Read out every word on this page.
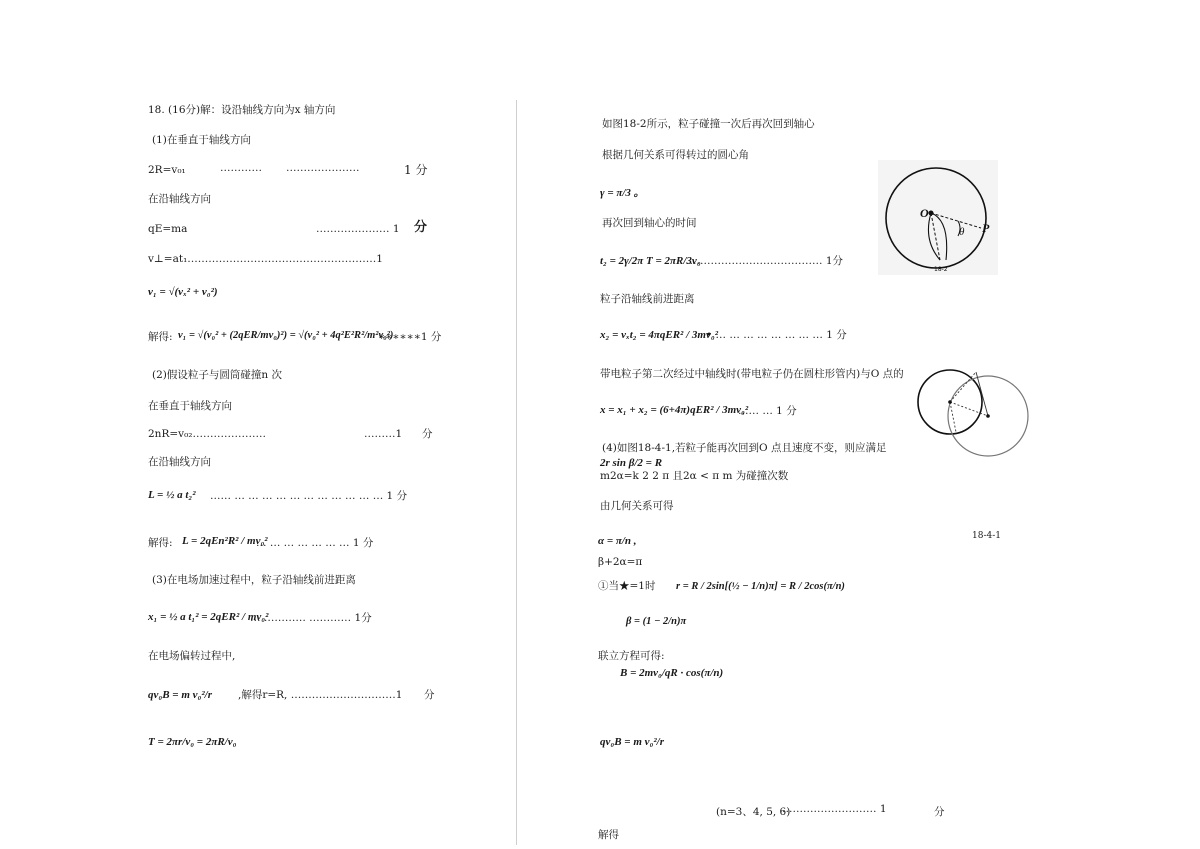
18. (16分)解：设沿轴线方向为x 轴方向
(1)在垂直于轴线方向
2R=v₀₁	………… …………………	1 分
在沿轴线方向
qE=ma	………………… 1 分
v⊥=at₁………………………………………………1
v₁ = √(vₓ² + v₀²)
解得: v₁ = √(v₀² + (2qER/mv₀)²) = √(v₀² + 4q²E²R²/m²v₀²)
∗∗∗∗∗∗1 分
(2)假设粒子与圆筒碰撞n 次
在垂直于轴线方向
2nR=v₀₂…………………	………1 分
在沿轴线方向
L = ½ a t₂² …… … … … … … … … … … … … 1 分
解得: L = 2qEn²R² / mv₀²
… … … … … … … 1 分
(3)在电场加速过程中，粒子沿轴线前进距离
x₁ = ½ a t₁² = 2qER² / mv₀²
… ………… ………… 1分
在电场偏转过程中,
qv₀B = m v₀²/r ,解得r=R, …………………………1 分
T = 2πr/v₀ = 2πR/v₀
如图18-2所示，粒子碰撞一次后再次回到轴心
根据几何关系可得转过的圆心角
γ = π/3 。
再次回到轴心的时间
t₂ = 2γ/2π T = 2πR/3v₀
………………………………… 1分
粒子沿轴线前进距离
x₂ = vₓt₂ = 4πqER² / 3mv₀²
• … … … … … … … … 1 分
带电粒子第二次经过中轴线时(带电粒子仍在圆柱形管内)与O 点的
x = x₁ + x₂ = (6+4π)qER² / 3mv₀²
…… … 1 分
(4)如图18-4-1,若粒子能再次回到O 点且速度不变，则应满足
2r sin β/2 = R
m2α=k 2 2 π 且2α < π m 为碰撞次数
由几何关系可得
18-4-1
α = π/n ,
β+2α=π
①当★=1时 r = R / 2sin[(½ − 1/n)π] = R / 2cos(π/n)
β = (1 − 2/n)π
联立方程可得:
B = 2mv₀/qR · cos(π/n)
qv₀B = m v₀²/r
(n=3、4, 5, 6)
……………………… 1	分
解得
O
θ P
18-2
